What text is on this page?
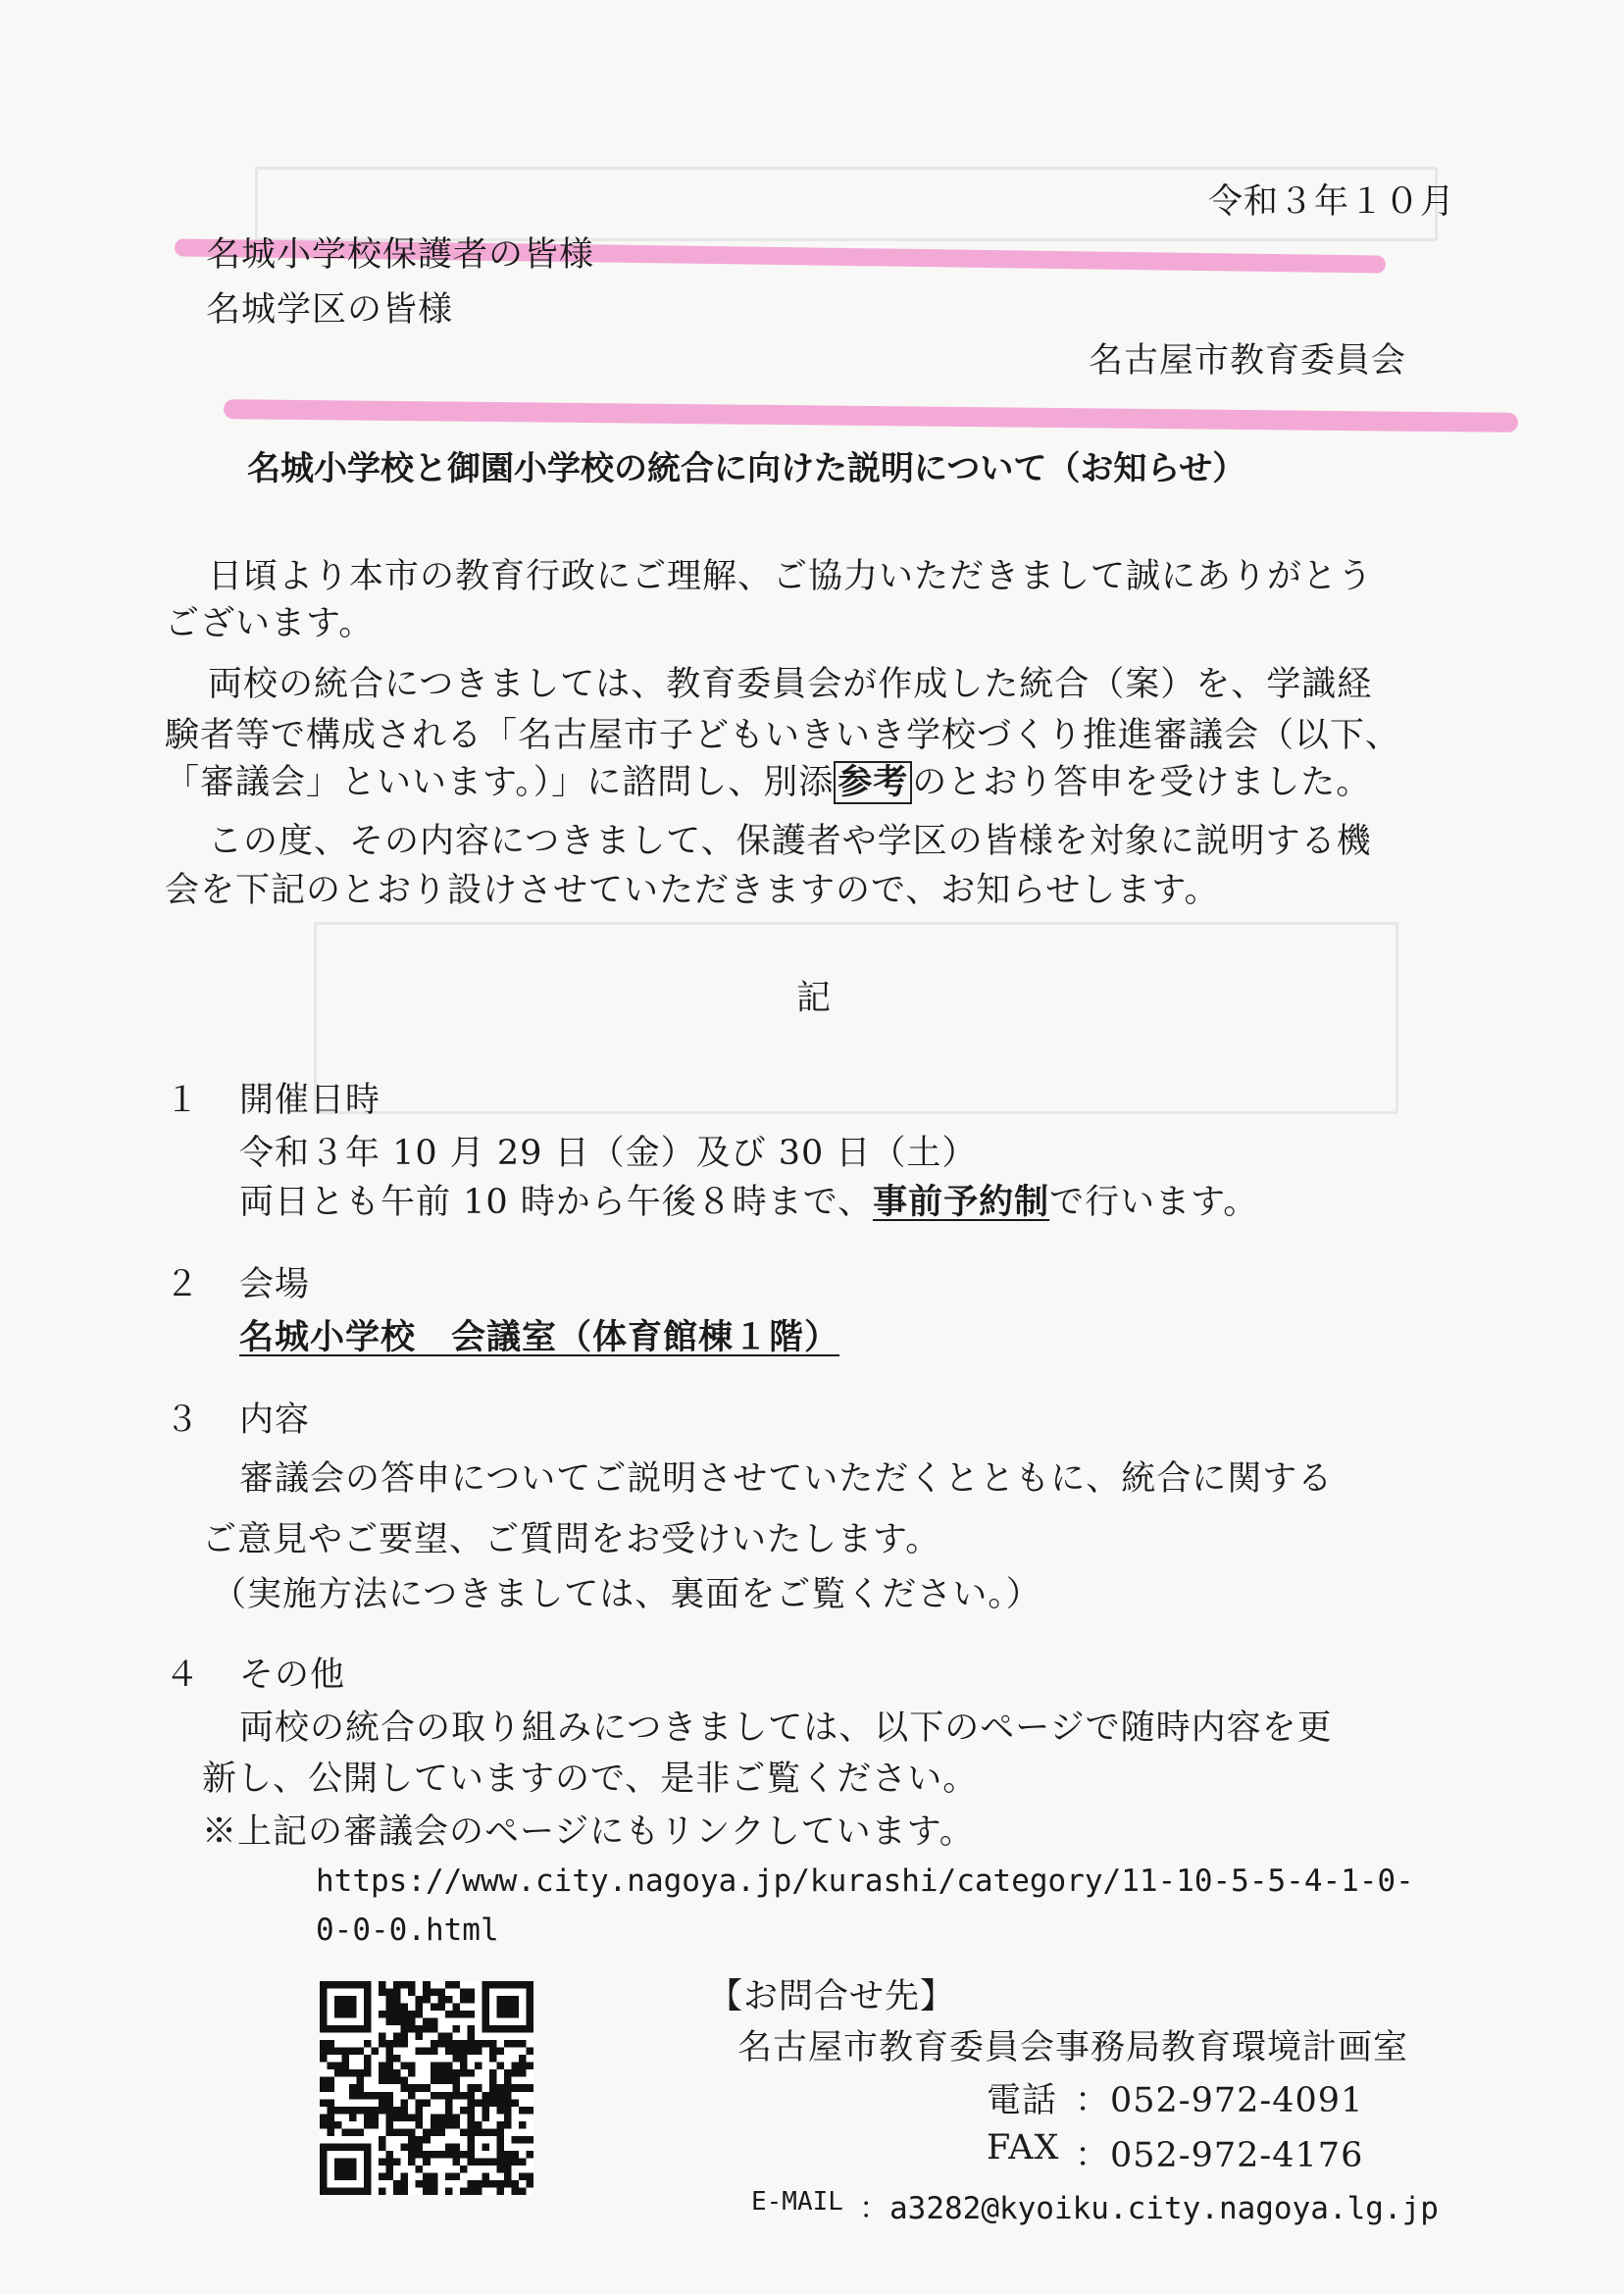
令和３年１０月
名城小学校保護者の皆様
名城学区の皆様
名古屋市教育委員会
名城小学校と御園小学校の統合に向けた説明について（お知らせ）
日頃より本市の教育行政にご理解、ご協力いただきまして誠にありがとう
ございます。
両校の統合につきましては、教育委員会が作成した統合（案）を、学識経
験者等で構成される「名古屋市子どもいきいき学校づくり推進審議会（以下、
「審議会」といいます。）」に諮問し、別添 参考 のとおり答申を受けました。
この度、その内容につきまして、保護者や学区の皆様を対象に説明する機
会を下記のとおり設けさせていただきますので、お知らせします。
記
１ 開催日時
令和３年 10 月 29 日（金）及び 30 日（土）
両日とも午前 10 時から午後８時まで、事前予約制で行います。
２ 会場
名城小学校　会議室（体育館棟１階）
３ 内容
審議会の答申についてご説明させていただくとともに、統合に関する
ご意見やご要望、ご質問をお受けいたします。
（実施方法につきましては、裏面をご覧ください。）
４ その他
両校の統合の取り組みにつきましては、以下のページで随時内容を更
新し、公開していますので、是非ご覧ください。
※上記の審議会のページにもリンクしています。
https://www.city.nagoya.jp/kurashi/category/11-10-5-5-4-1-0-
0-0-0.html
【お問合せ先】
名古屋市教育委員会事務局教育環境計画室
電話 ：052-972-4091
FAX ：052-972-4176
E-MAIL ：a3282@kyoiku.city.nagoya.lg.jp
